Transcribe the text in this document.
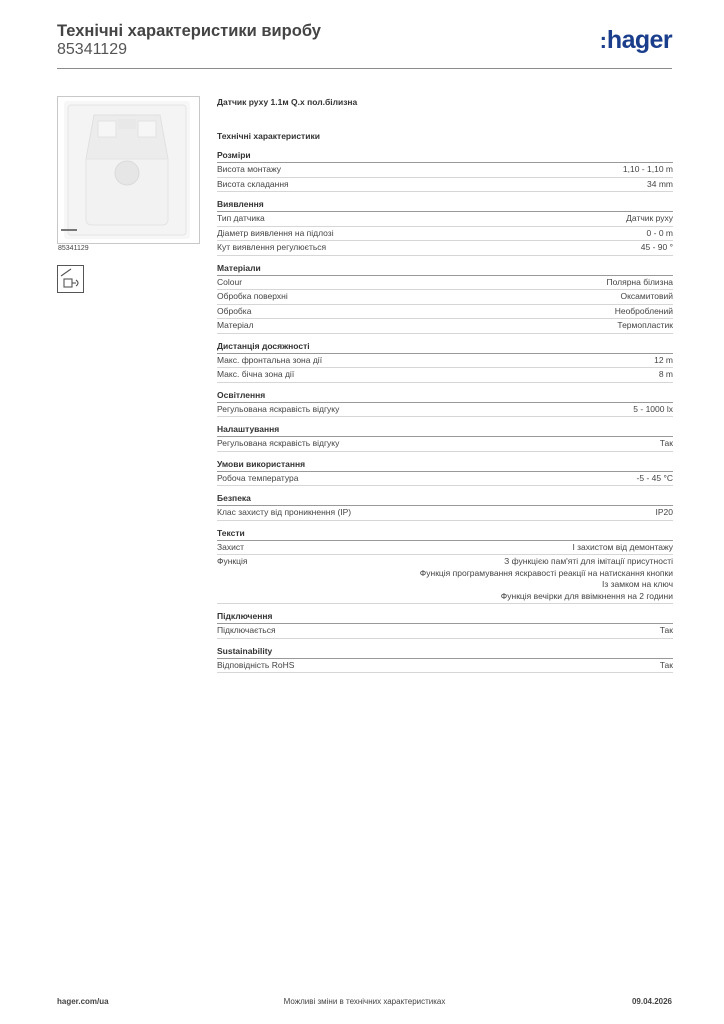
Технічні характеристики виробу
85341129	:hager
85341129
Датчик руху 1.1м Q.x пол.білизна
Технічні характеристики
Розміри
Висота монтажу	1,10 - 1,10 m
Висота складання	34 mm
Виявлення
Тип датчика	Датчик руху
Діаметр виявлення на підлозі	0 - 0 m
Кут виявлення регулюється	45 - 90 °
Матеріали
Colour	Полярна білизна
Обробка поверхні	Оксамитовий
Обробка	Необроблений
Матеріал	Термопластик
Дистанція досяжності
Макс. фронтальна зона дії	12 m
Макс. бічна зона дії	8 m
Освітлення
Регульована яскравість відгуку	5 - 1000 lx
Налаштування
Регульована яскравість відгуку	Так
Умови використання
Робоча температура	-5 - 45 °C
Безпека
Клас захисту від проникнення (IP)	IP20
Тексти
Захист	І захистом від демонтажу
Функція	З функцією пам'яті для імітації присутності
Функція програмування яскравості реакції на натискання кнопки
Із замком на ключ
Функція вечірки для ввімкнення на 2 години
Підключення
Підключається	Так
Sustainability
Відповідність RoHS	Так
Можливі зміни в технічних характеристиках
hager.com/ua	09.04.2026
